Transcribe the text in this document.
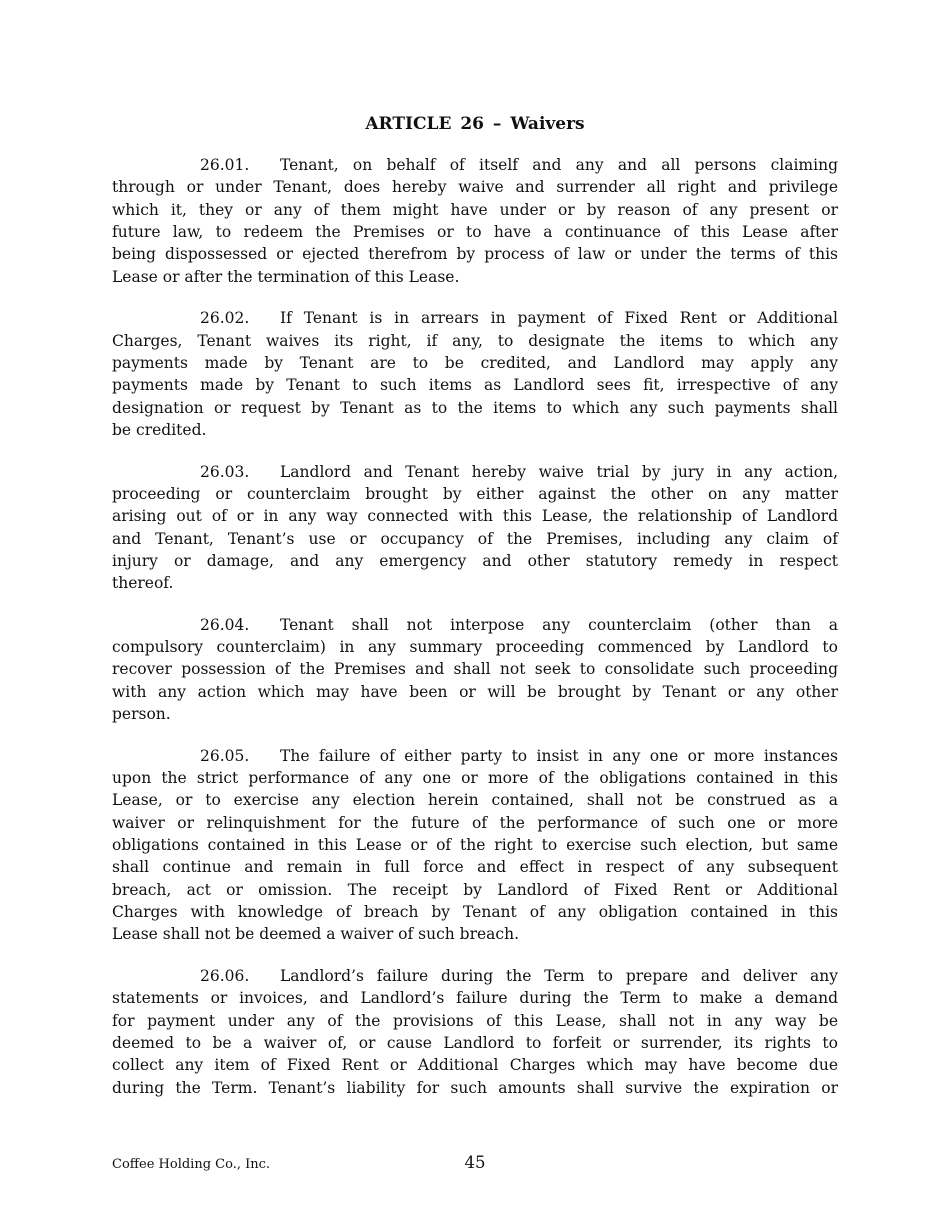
ARTICLE 26 – Waivers
26.01.	Tenant, on behalf of itself and any and all persons claiming
through or under Tenant, does hereby waive and surrender all right and privilege
which it, they or any of them might have under or by reason of any present or
future law, to redeem the Premises or to have a continuance of this Lease after
being dispossessed or ejected therefrom by process of law or under the terms of this
Lease or after the termination of this Lease.
26.02.	If Tenant is in arrears in payment of Fixed Rent or Additional
Charges, Tenant waives its right, if any, to designate the items to which any
payments made by Tenant are to be credited, and Landlord may apply any
payments made by Tenant to such items as Landlord sees fit, irrespective of any
designation or request by Tenant as to the items to which any such payments shall
be credited.
26.03.	Landlord and Tenant hereby waive trial by jury in any action,
proceeding or counterclaim brought by either against the other on any matter
arising out of or in any way connected with this Lease, the relationship of Landlord
and Tenant, Tenant’s use or occupancy of the Premises, including any claim of
injury or damage, and any emergency and other statutory remedy in respect
thereof.
26.04.	Tenant shall not interpose any counterclaim (other than a
compulsory counterclaim) in any summary proceeding commenced by Landlord to
recover possession of the Premises and shall not seek to consolidate such proceeding
with any action which may have been or will be brought by Tenant or any other
person.
26.05.	The failure of either party to insist in any one or more instances
upon the strict performance of any one or more of the obligations contained in this
Lease, or to exercise any election herein contained, shall not be construed as a
waiver or relinquishment for the future of the performance of such one or more
obligations contained in this Lease or of the right to exercise such election, but same
shall continue and remain in full force and effect in respect of any subsequent
breach, act or omission. The receipt by Landlord of Fixed Rent or Additional
Charges with knowledge of breach by Tenant of any obligation contained in this
Lease shall not be deemed a waiver of such breach.
26.06.	Landlord’s failure during the Term to prepare and deliver any
statements or invoices, and Landlord’s failure during the Term to make a demand
for payment under any of the provisions of this Lease, shall not in any way be
deemed to be a waiver of, or cause Landlord to forfeit or surrender, its rights to
collect any item of Fixed Rent or Additional Charges which may have become due
during the Term. Tenant’s liability for such amounts shall survive the expiration or
Coffee Holding Co., Inc.	45
